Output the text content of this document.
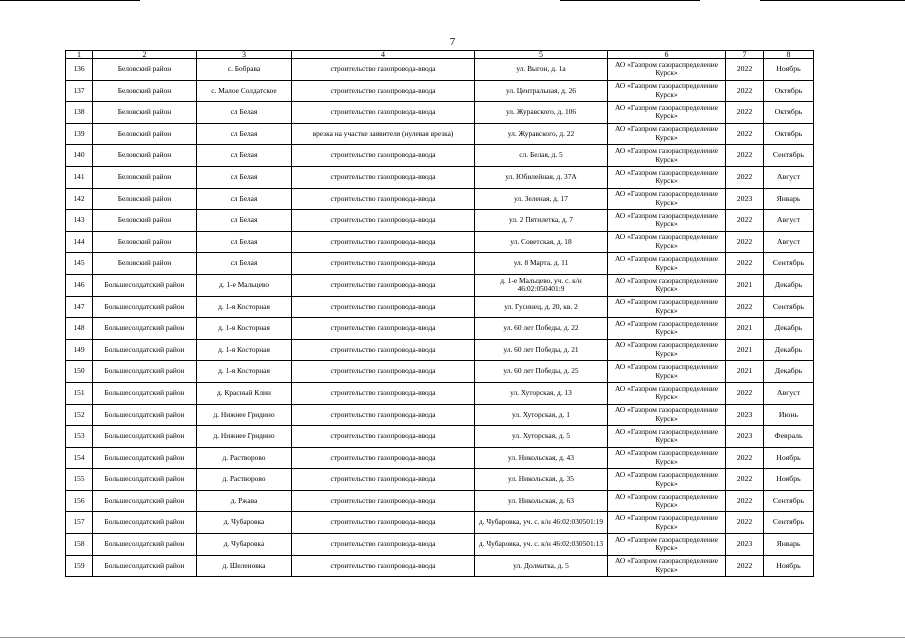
7
1	2	3	4	5	6	7	8
136	Беловский район	с. Бобрава	строительство газопровода-ввода	ул. Выгон, д. 1а	АО «Газпром газораспределение Курск»	2022	Ноябрь
137	Беловский район	с. Малое Солдатское	строительство газопровода-ввода	ул. Центральная, д. 26	АО «Газпром газораспределение Курск»	2022	Октябрь
138	Беловский район	сл Белая	строительство газопровода-ввода	ул. Журавского, д. 106	АО «Газпром газораспределение Курск»	2022	Октябрь
139	Беловский район	сл Белая	врезка на участке заявителя (нулевая врезка)	ул. Журавского, д. 22	АО «Газпром газораспределение Курск»	2022	Октябрь
140	Беловский район	сл Белая	строительство газопровода-ввода	сл. Белая, д. 5	АО «Газпром газораспределение Курск»	2022	Сентябрь
141	Беловский район	сл Белая	строительство газопровода-ввода	ул. Юбилейная, д. 37А	АО «Газпром газораспределение Курск»	2022	Август
142	Беловский район	сл Белая	строительство газопровода-ввода	ул. Зеленая, д. 17	АО «Газпром газораспределение Курск»	2023	Январь
143	Беловский район	сл Белая	строительство газопровода-ввода	ул. 2 Пятилетка, д. 7	АО «Газпром газораспределение Курск»	2022	Август
144	Беловский район	сл Белая	строительство газопровода-ввода	ул. Советская, д. 18	АО «Газпром газораспределение Курск»	2022	Август
145	Беловский район	сл Белая	строительство газопровода-ввода	ул. 8 Марта, д. 11	АО «Газпром газораспределение Курск»	2022	Сентябрь
146	Большесолдатский район	д. 1-е Мальцево	строительство газопровода-ввода	д. 1-е Мальцево, уч. с. к/н 46:02:050401:9	АО «Газпром газораспределение Курск»	2021	Декабрь
147	Большесолдатский район	д. 1-я Косторная	строительство газопровода-ввода	ул. Гусинец, д. 20, кв. 2	АО «Газпром газораспределение Курск»	2022	Сентябрь
148	Большесолдатский район	д. 1-я Косторная	строительство газопровода-ввода	ул. 60 лет Победы, д. 22	АО «Газпром газораспределение Курск»	2021	Декабрь
149	Большесолдатский район	д. 1-я Косторная	строительство газопровода-ввода	ул. 60 лет Победы, д. 21	АО «Газпром газораспределение Курск»	2021	Декабрь
150	Большесолдатский район	д. 1-я Косторная	строительство газопровода-ввода	ул. 60 лет Победы, д. 25	АО «Газпром газораспределение Курск»	2021	Декабрь
151	Большесолдатский район	д. Красный Клин	строительство газопровода-ввода	ул. Хуторская, д. 13	АО «Газпром газораспределение Курск»	2022	Август
152	Большесолдатский район	д. Нижнее Гридино	строительство газопровода-ввода	ул. Хуторская, д. 1	АО «Газпром газораспределение Курск»	2023	Июнь
153	Большесолдатский район	д. Нижнее Гридино	строительство газопровода-ввода	ул. Хуторская, д. 5	АО «Газпром газораспределение Курск»	2023	Февраль
154	Большесолдатский район	д. Растворово	строительство газопровода-ввода	ул. Никольская, д. 43	АО «Газпром газораспределение Курск»	2022	Ноябрь
155	Большесолдатский район	д. Растворово	строительство газопровода-ввода	ул. Никольская, д. 35	АО «Газпром газораспределение Курск»	2022	Ноябрь
156	Большесолдатский район	д. Ржава	строительство газопровода-ввода	ул. Никольская, д. 63	АО «Газпром газораспределение Курск»	2022	Сентябрь
157	Большесолдатский район	д. Чубаровка	строительство газопровода-ввода	д. Чубаровка, уч. с. к/н 46:02:030501:19	АО «Газпром газораспределение Курск»	2022	Сентябрь
158	Большесолдатский район	д. Чубаровка	строительство газопровода-ввода	д. Чубаровка, уч. с. к/н 46:02:030501:13	АО «Газпром газораспределение Курск»	2023	Январь
159	Большесолдатский район	д. Шеленовка	строительство газопровода-ввода	ул. Долматка, д. 5	АО «Газпром газораспределение Курск»	2022	Ноябрь
